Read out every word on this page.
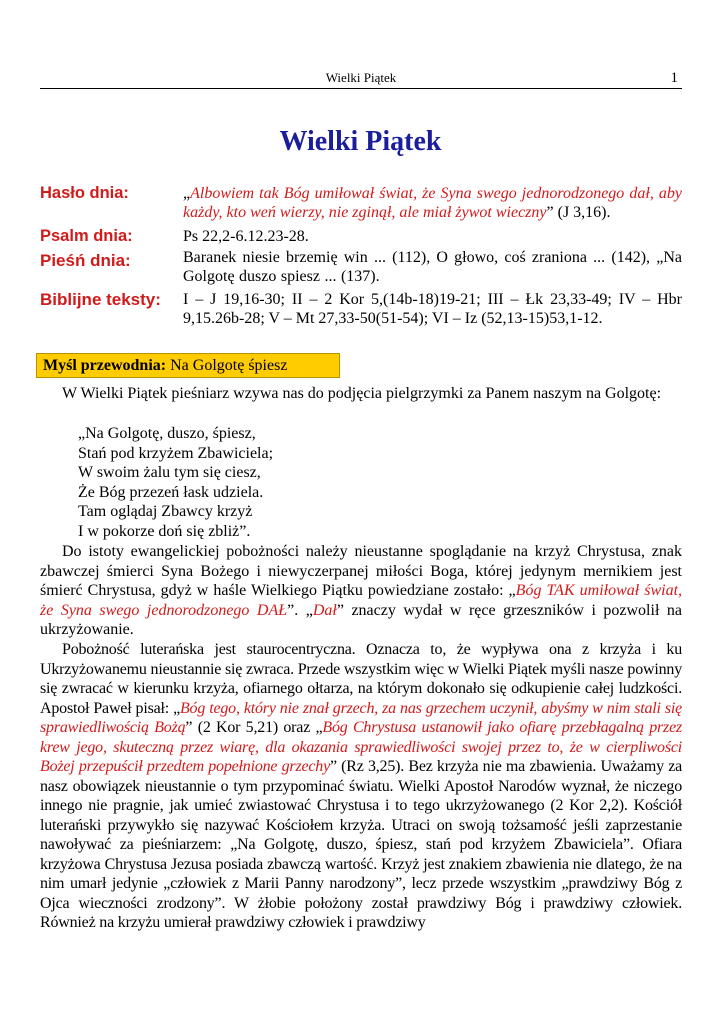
Wielki Piątek	1
Wielki Piątek
Hasło dnia:	„Albowiem tak Bóg umiłował świat, że Syna swego jednorodzonego dał, aby każdy, kto weń wierzy, nie zginął, ale miał żywot wieczny” (J 3,16).
Psalm dnia:	Ps 22,2-6.12.23-28.
Pieśń dnia:	Baranek niesie brzemię win ... (112), O głowo, coś zraniona ... (142), „Na Golgotę duszo spiesz ... (137).
Biblijne teksty: I – J 19,16-30; II – 2 Kor 5,(14b-18)19-21; III – Łk 23,33-49; IV – Hbr 9,15.26b-28; V – Mt 27,33-50(51-54); VI – Iz (52,13-15)53,1-12.
Myśl przewodnia: Na Golgotę śpiesz
W Wielki Piątek pieśniarz wzywa nas do podjęcia pielgrzymki za Panem naszym na Golgotę:
„Na Golgotę, duszo, śpiesz,
Stań pod krzyżem Zbawiciela;
W swoim żalu tym się ciesz,
Że Bóg przezeń łask udziela.
Tam oglądaj Zbawcy krzyż
I w pokorze doń się zbliż”.
Do istoty ewangelickiej pobożności należy nieustanne spoglądanie na krzyż Chrystusa, znak zbawczej śmierci Syna Bożego i niewyczerpanej miłości Boga, której jedynym mernikiem jest śmierć Chrystusa, gdyż w haśle Wielkiego Piątku powiedziane zostało: „Bóg TAK umiłował świat, że Syna swego jednorodzonego DAŁ”. „Dał” znaczy wydał w ręce grzeszników i pozwolił na ukrzyżowanie.
Pobożność luterańska jest staurocentryczna. Oznacza to, że wypływa ona z krzyża i ku Ukrzyżowanemu nieustannie się zwraca. Przede wszystkim więc w Wielki Piątek myśli nasze powinny się zwracać w kierunku krzyża, ofiarnego ołtarza, na którym dokonało się odkupienie całej ludzkości. Apostoł Paweł pisał: „Bóg tego, który nie znał grzech, za nas grzechem uczynił, abyśmy w nim stali się sprawiedliwością Bożą” (2 Kor 5,21) oraz „Bóg Chrystusa ustanowił jako ofiarę przebłagalną przez krew jego, skuteczną przez wiarę, dla okazania sprawiedliwości swojej przez to, że w cierpliwości Bożej przepuścił przedtem popełnione grzechy” (Rz 3,25). Bez krzyża nie ma zbawienia. Uważamy za nasz obowiązek nieustannie o tym przypominać światu. Wielki Apostoł Narodów wyznał, że niczego innego nie pragnie, jak umieć zwiastować Chrystusa i to tego ukrzyżowanego (2 Kor 2,2). Kościół luterański przywykło się nazywać Kościołem krzyża. Utraci on swoją tożsamość jeśli zaprzestanie nawoływać za pieśniarzem: „Na Golgotę, duszo, śpiesz, stań pod krzyżem Zbawiciela”. Ofiara krzyżowa Chrystusa Jezusa posiada zbawczą wartość. Krzyż jest znakiem zbawienia nie dlatego, że na nim umarł jedynie „człowiek z Marii Panny narodzony”, lecz przede wszystkim „prawdziwy Bóg z Ojca wieczności zrodzony”. W żłobie położony został prawdziwy Bóg i prawdziwy człowiek. Również na krzyżu umierał prawdziwy człowiek i prawdziwy
